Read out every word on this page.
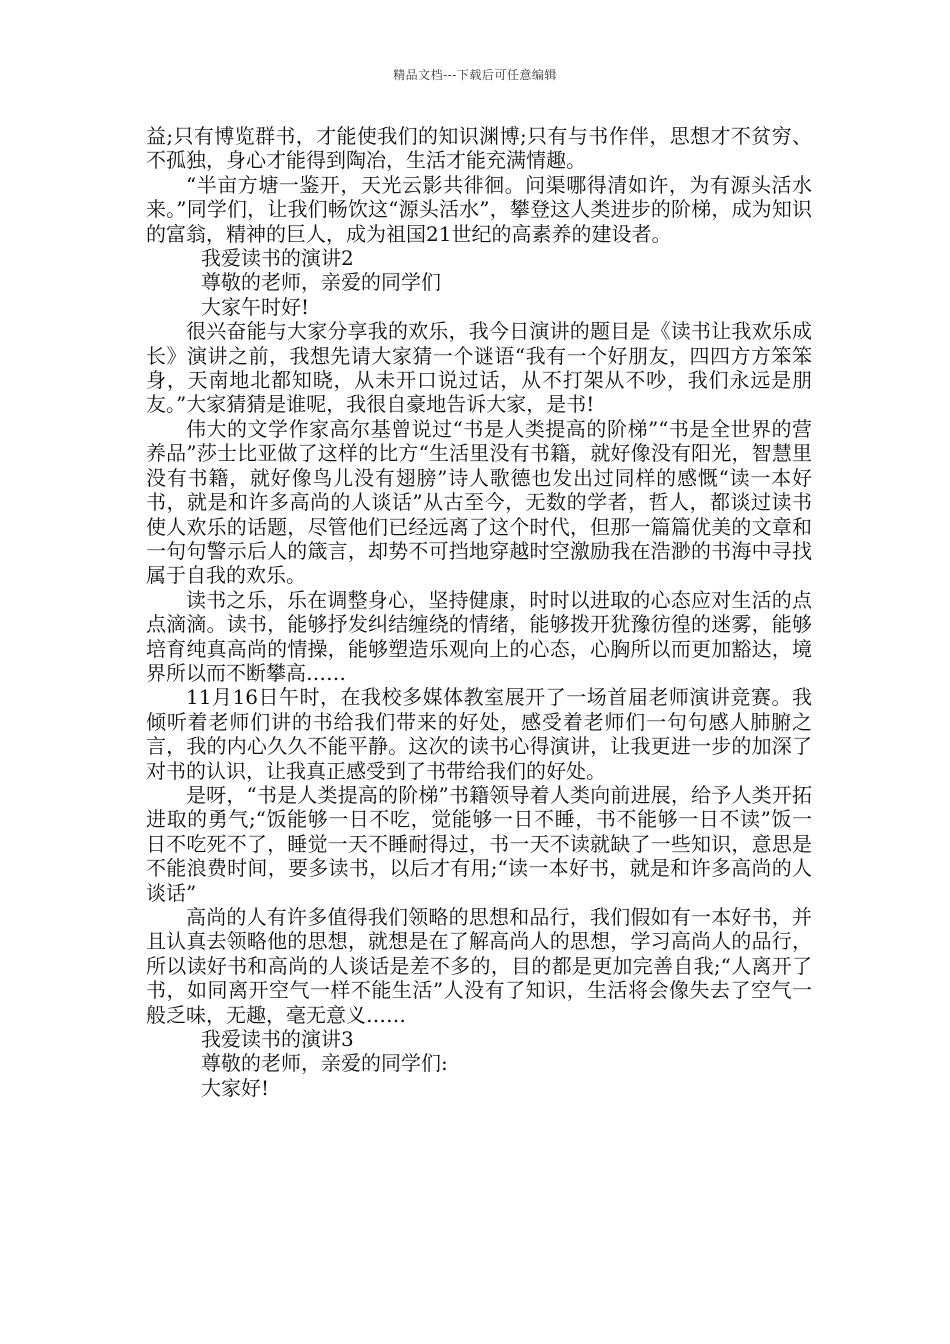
精品文档---下载后可任意编辑

益;只有博览群书，才能使我们的知识渊博;只有与书作伴，思想才不贫穷、不孤独，身心才能得到陶冶，生活才能充满情趣。

“半亩方塘一鉴开，天光云影共徘徊。问渠哪得清如许，为有源头活水来。”同学们，让我们畅饮这“源头活水”，攀登这人类进步的阶梯，成为知识的富翁，精神的巨人，成为祖国21世纪的高素养的建设者。

我爱读书的演讲2

尊敬的老师，亲爱的同学们

大家午时好!

很兴奋能与大家分享我的欢乐，我今日演讲的题目是《读书让我欢乐成长》演讲之前，我想先请大家猜一个谜语“我有一个好朋友，四四方方笨笨身，天南地北都知晓，从未开口说过话，从不打架从不吵，我们永远是朋友。”大家猜猜是谁呢，我很自豪地告诉大家，是书!

伟大的文学作家高尔基曾说过“书是人类提高的阶梯”“书是全世界的营养品”莎士比亚做了这样的比方“生活里没有书籍，就好像没有阳光，智慧里没有书籍，就好像鸟儿没有翅膀”诗人歌德也发出过同样的感慨“读一本好书，就是和许多高尚的人谈话”从古至今，无数的学者，哲人，都谈过读书使人欢乐的话题，尽管他们已经远离了这个时代，但那一篇篇优美的文章和一句句警示后人的箴言，却势不可挡地穿越时空激励我在浩渺的书海中寻找属于自我的欢乐。

读书之乐，乐在调整身心，坚持健康，时时以进取的心态应对生活的点点滴滴。读书，能够抒发纠结缠绕的情绪，能够拨开犹豫彷徨的迷雾，能够培育纯真高尚的情操，能够塑造乐观向上的心态，心胸所以而更加豁达，境界所以而不断攀高……

11月16日午时，在我校多媒体教室展开了一场首届老师演讲竞赛。我倾听着老师们讲的书给我们带来的好处，感受着老师们一句句感人肺腑之言，我的内心久久不能平静。这次的读书心得演讲，让我更进一步的加深了对书的认识，让我真正感受到了书带给我们的好处。

是呀，“书是人类提高的阶梯”书籍领导着人类向前进展，给予人类开拓进取的勇气;“饭能够一日不吃，觉能够一日不睡，书不能够一日不读”饭一日不吃死不了，睡觉一天不睡耐得过，书一天不读就缺了一些知识，意思是不能浪费时间，要多读书，以后才有用;“读一本好书，就是和许多高尚的人谈话”

高尚的人有许多值得我们领略的思想和品行，我们假如有一本好书，并且认真去领略他的思想，就想是在了解高尚人的思想，学习高尚人的品行，所以读好书和高尚的人谈话是差不多的，目的都是更加完善自我;“人离开了书，如同离开空气一样不能生活”人没有了知识，生活将会像失去了空气一般乏味，无趣，毫无意义……

我爱读书的演讲3

尊敬的老师，亲爱的同学们:

大家好!
